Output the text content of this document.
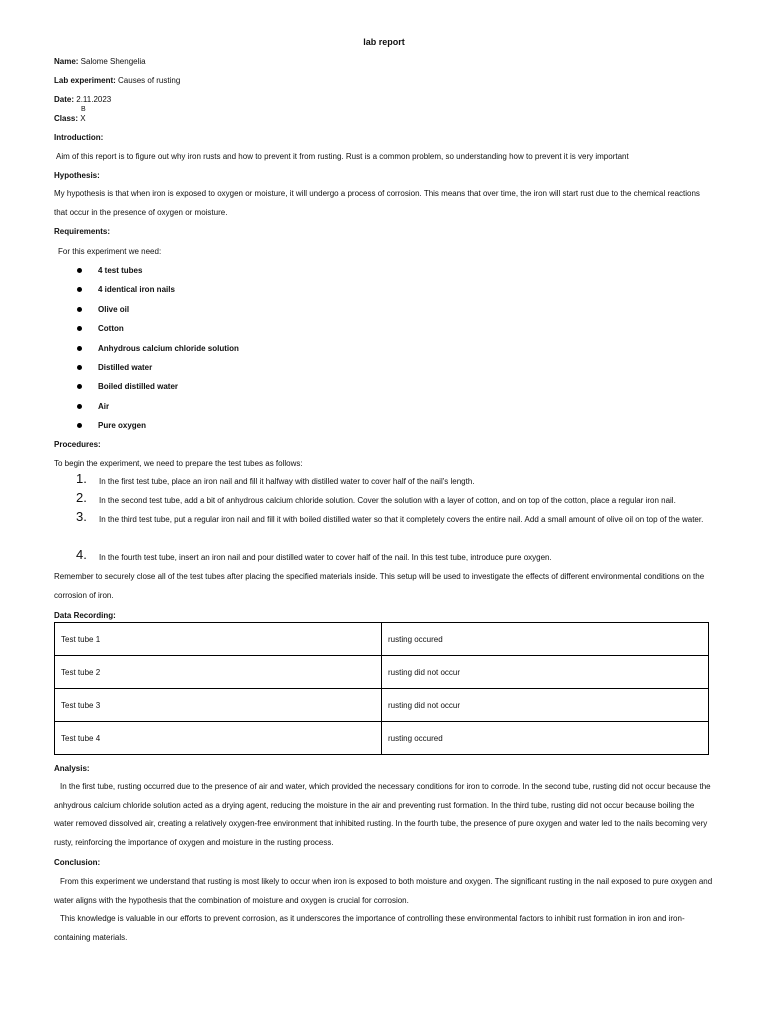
lab report
Name: Salome Shengelia
Lab experiment: Causes of rusting
Date: 2.11.2023
B
Class: X
Introduction:
Aim of this report is to figure out why iron rusts and how to prevent it from rusting. Rust is a common problem, so understanding how to prevent it is very important
Hypothesis:
My hypothesis is that when iron is exposed to oxygen or moisture, it will undergo a process of corrosion. This means that over time, the iron will start rust due to the chemical reactions that occur in the presence of oxygen or moisture.
Requirements:
For this experiment we need:
4 test tubes
4 identical iron nails
Olive oil
Cotton
Anhydrous calcium chloride solution
Distilled water
Boiled distilled water
Air
Pure oxygen
Procedures:
To begin the experiment, we need to prepare the test tubes as follows:
1. In the first test tube, place an iron nail and fill it halfway with distilled water to cover half of the nail's length.
2. In the second test tube, add a bit of anhydrous calcium chloride solution. Cover the solution with a layer of cotton, and on top of the cotton, place a regular iron nail.
3. In the third test tube, put a regular iron nail and fill it with boiled distilled water so that it completely covers the entire nail. Add a small amount of olive oil on top of the water.
4. In the fourth test tube, insert an iron nail and pour distilled water to cover half of the nail. In this test tube, introduce pure oxygen.
Remember to securely close all of the test tubes after placing the specified materials inside. This setup will be used to investigate the effects of different environmental conditions on the corrosion of iron.
Data Recording:
Test tube 1	rusting occured
Test tube 2	rusting did not occur
Test tube 3	rusting did not occur
Test tube 4	rusting occured
Analysis:
In the first tube, rusting occurred due to the presence of air and water, which provided the necessary conditions for iron to corrode. In the second tube, rusting did not occur because the anhydrous calcium chloride solution acted as a drying agent, reducing the moisture in the air and preventing rust formation. In the third tube, rusting did not occur because boiling the water removed dissolved air, creating a relatively oxygen-free environment that inhibited rusting. In the fourth tube, the presence of pure oxygen and water led to the nails becoming very rusty, reinforcing the importance of oxygen and moisture in the rusting process.
Conclusion:
From this experiment we understand that rusting is most likely to occur when iron is exposed to both moisture and oxygen. The significant rusting in the nail exposed to pure oxygen and water aligns with the hypothesis that the combination of moisture and oxygen is crucial for corrosion.
This knowledge is valuable in our efforts to prevent corrosion, as it underscores the importance of controlling these environmental factors to inhibit rust formation in iron and iron-containing materials.
